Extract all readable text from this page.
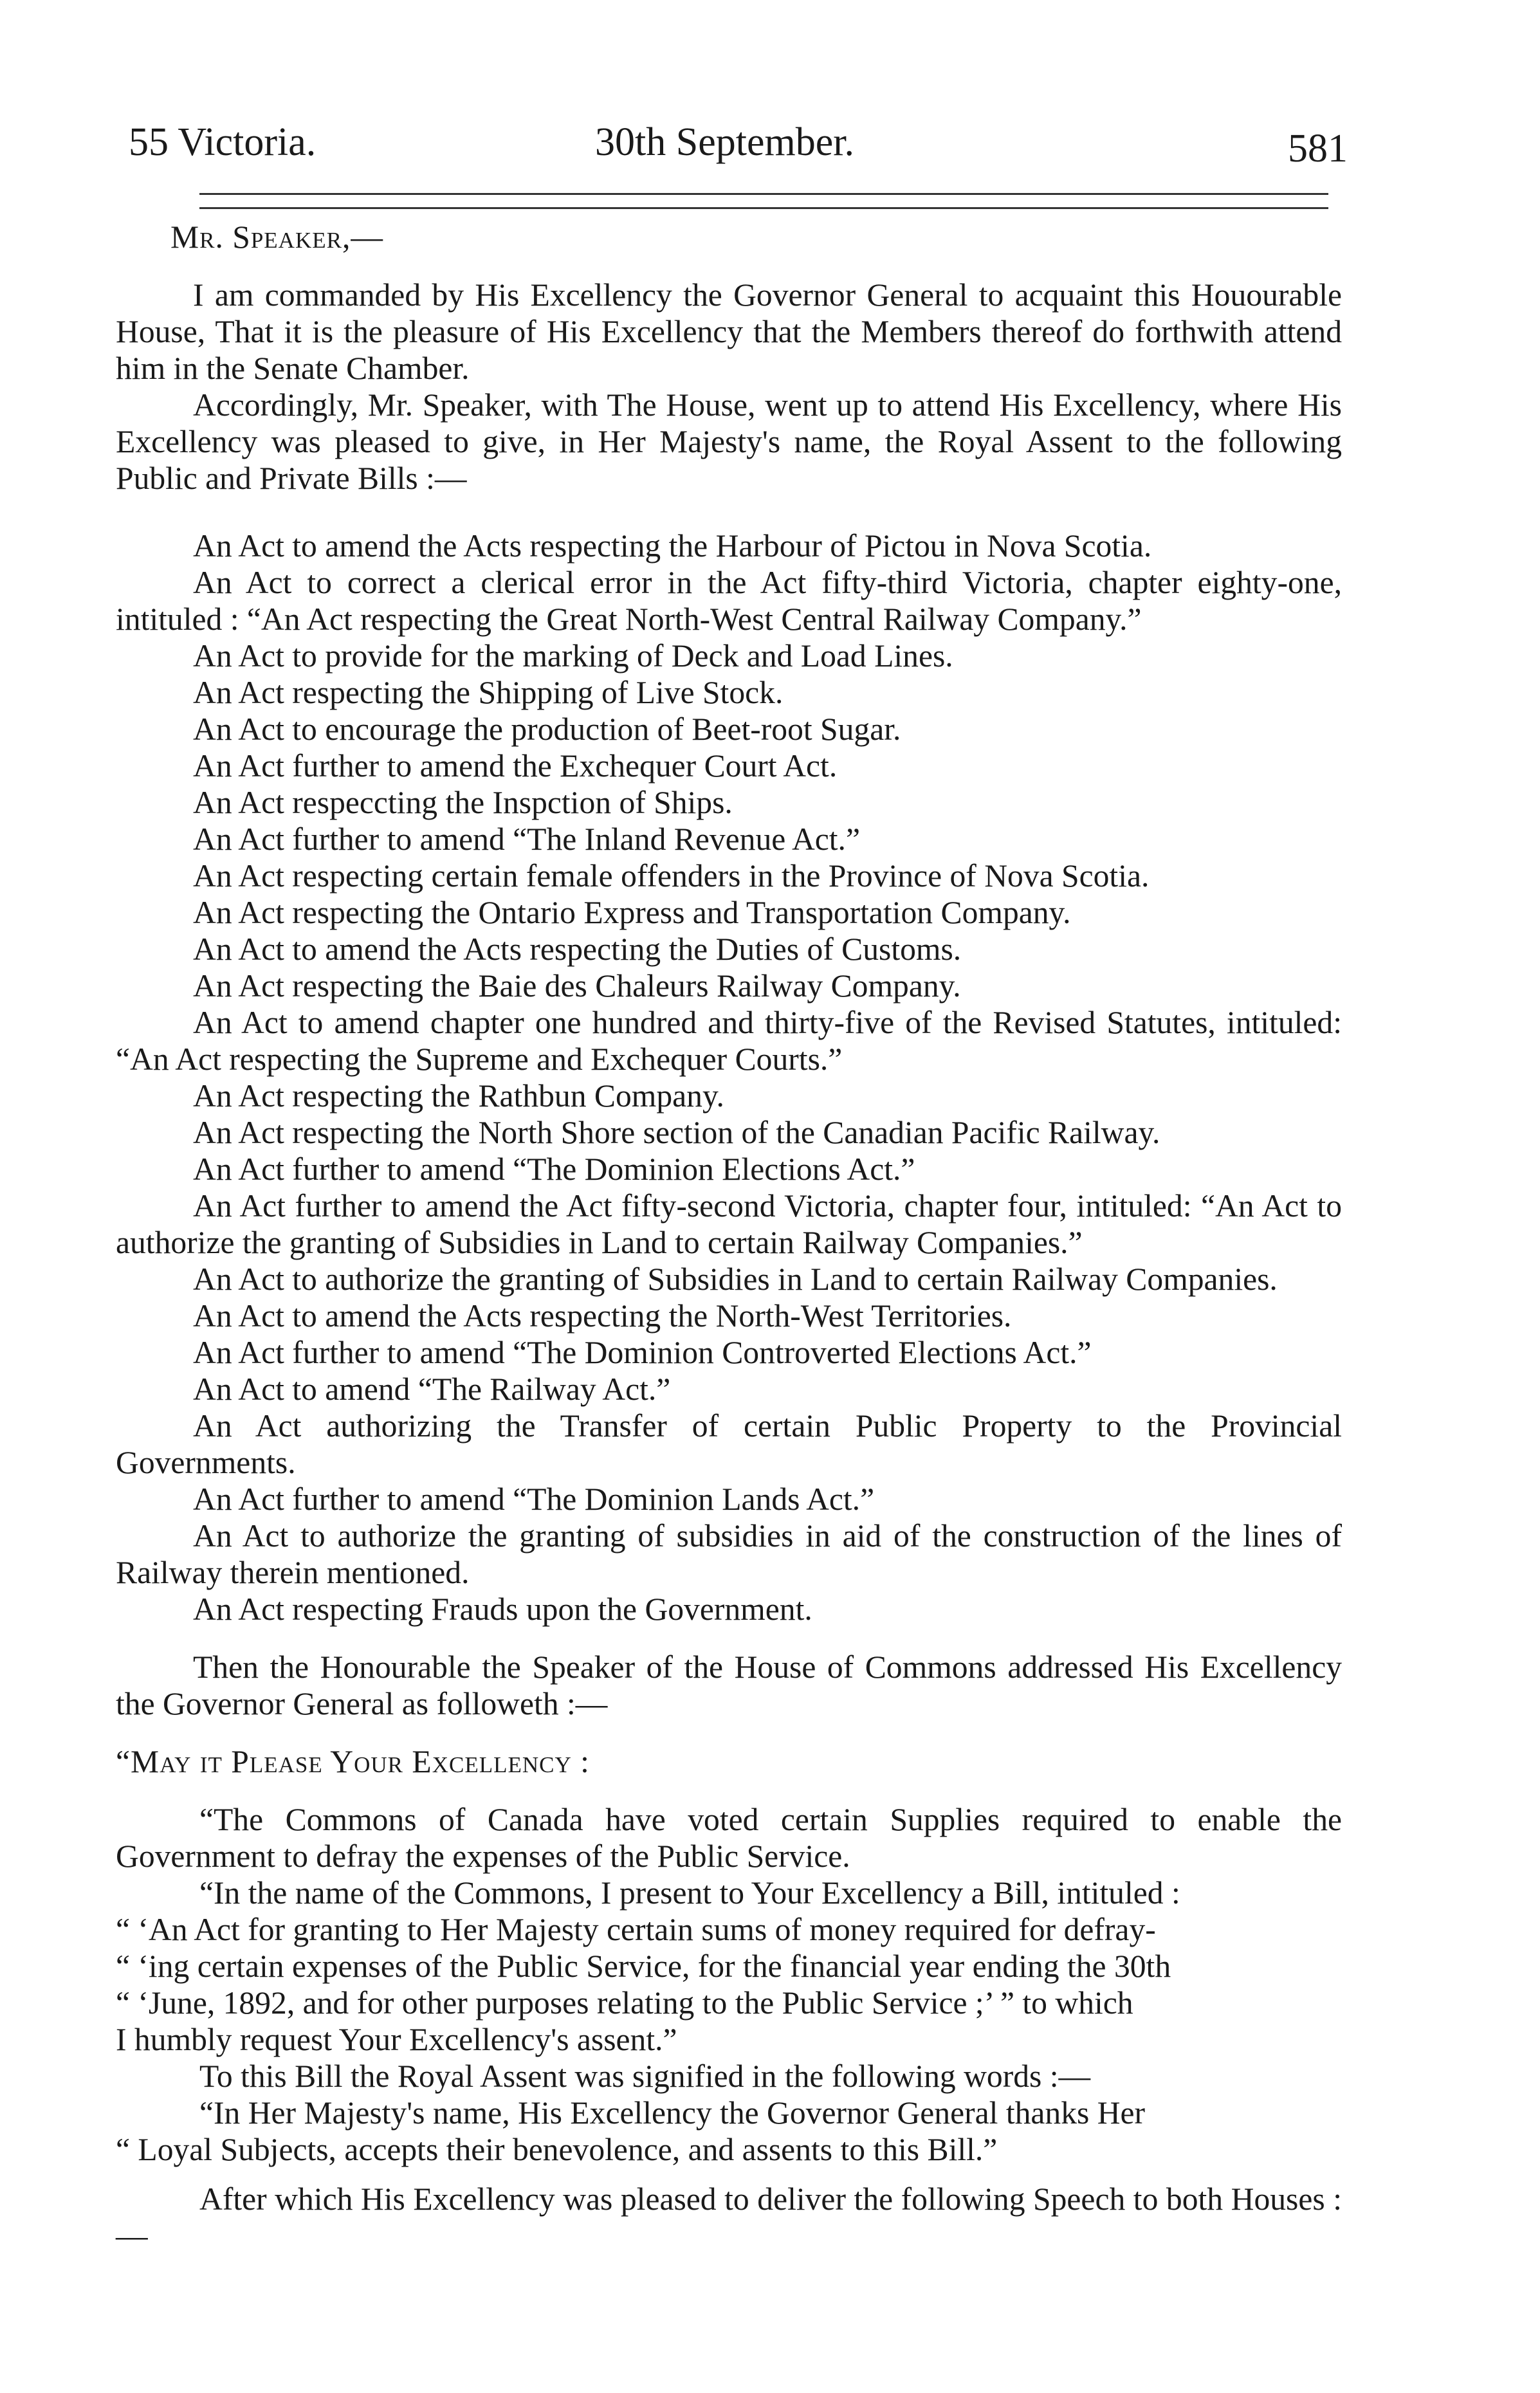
55 Victoria.	30th September.	581
Mr. Speaker,—

I am commanded by His Excellency the Governor General to acquaint this Houourable House, That it is the pleasure of His Excellency that the Members thereof do forthwith attend him in the Senate Chamber.

Accordingly, Mr. Speaker, with The House, went up to attend His Excellency, where His Excellency was pleased to give, in Her Majesty's name, the Royal Assent to the following Public and Private Bills :—

An Act to amend the Acts respecting the Harbour of Pictou in Nova Scotia.

An Act to correct a clerical error in the Act fifty-third Victoria, chapter eighty-one, intituled : “An Act respecting the Great North-West Central Railway Company.”

An Act to provide for the marking of Deck and Load Lines.

An Act respecting the Shipping of Live Stock.

An Act to encourage the production of Beet-root Sugar.

An Act further to amend the Exchequer Court Act.

An Act respeccting the Inspction of Ships.

An Act further to amend “The Inland Revenue Act.”

An Act respecting certain female offenders in the Province of Nova Scotia.

An Act respecting the Ontario Express and Transportation Company.

An Act to amend the Acts respecting the Duties of Customs.

An Act respecting the Baie des Chaleurs Railway Company.

An Act to amend chapter one hundred and thirty-five of the Revised Statutes, intituled: “An Act respecting the Supreme and Exchequer Courts.”

An Act respecting the Rathbun Company.

An Act respecting the North Shore section of the Canadian Pacific Railway.

An Act further to amend “The Dominion Elections Act.”

An Act further to amend the Act fifty-second Victoria, chapter four, intituled: “An Act to authorize the granting of Subsidies in Land to certain Railway Companies.”

An Act to authorize the granting of Subsidies in Land to certain Railway Companies.

An Act to amend the Acts respecting the North-West Territories.

An Act further to amend “The Dominion Controverted Elections Act.”

An Act to amend “The Railway Act.”

An Act authorizing the Transfer of certain Public Property to the Provincial Governments.

An Act further to amend “The Dominion Lands Act.”

An Act to authorize the granting of subsidies in aid of the construction of the lines of Railway therein mentioned.

An Act respecting Frauds upon the Government.

Then the Honourable the Speaker of the House of Commons addressed His Excellency the Governor General as followeth :—

“May it Please Your Excellency :

“The Commons of Canada have voted certain Supplies required to enable the Government to defray the expenses of the Public Service.

“In the name of the Commons, I present to Your Excellency a Bill, intituled :

“ ‘An Act for granting to Her Majesty certain sums of money required for defray-

“ ‘ing certain expenses of the Public Service, for the financial year ending the 30th

“ ‘June, 1892, and for other purposes relating to the Public Service ;’ ” to which

I humbly request Your Excellency's assent.”

To this Bill the Royal Assent was signified in the following words :—

“In Her Majesty's name, His Excellency the Governor General thanks Her

“ Loyal Subjects, accepts their benevolence, and assents to this Bill.”

After which His Excellency was pleased to deliver the following Speech to both Houses :—
